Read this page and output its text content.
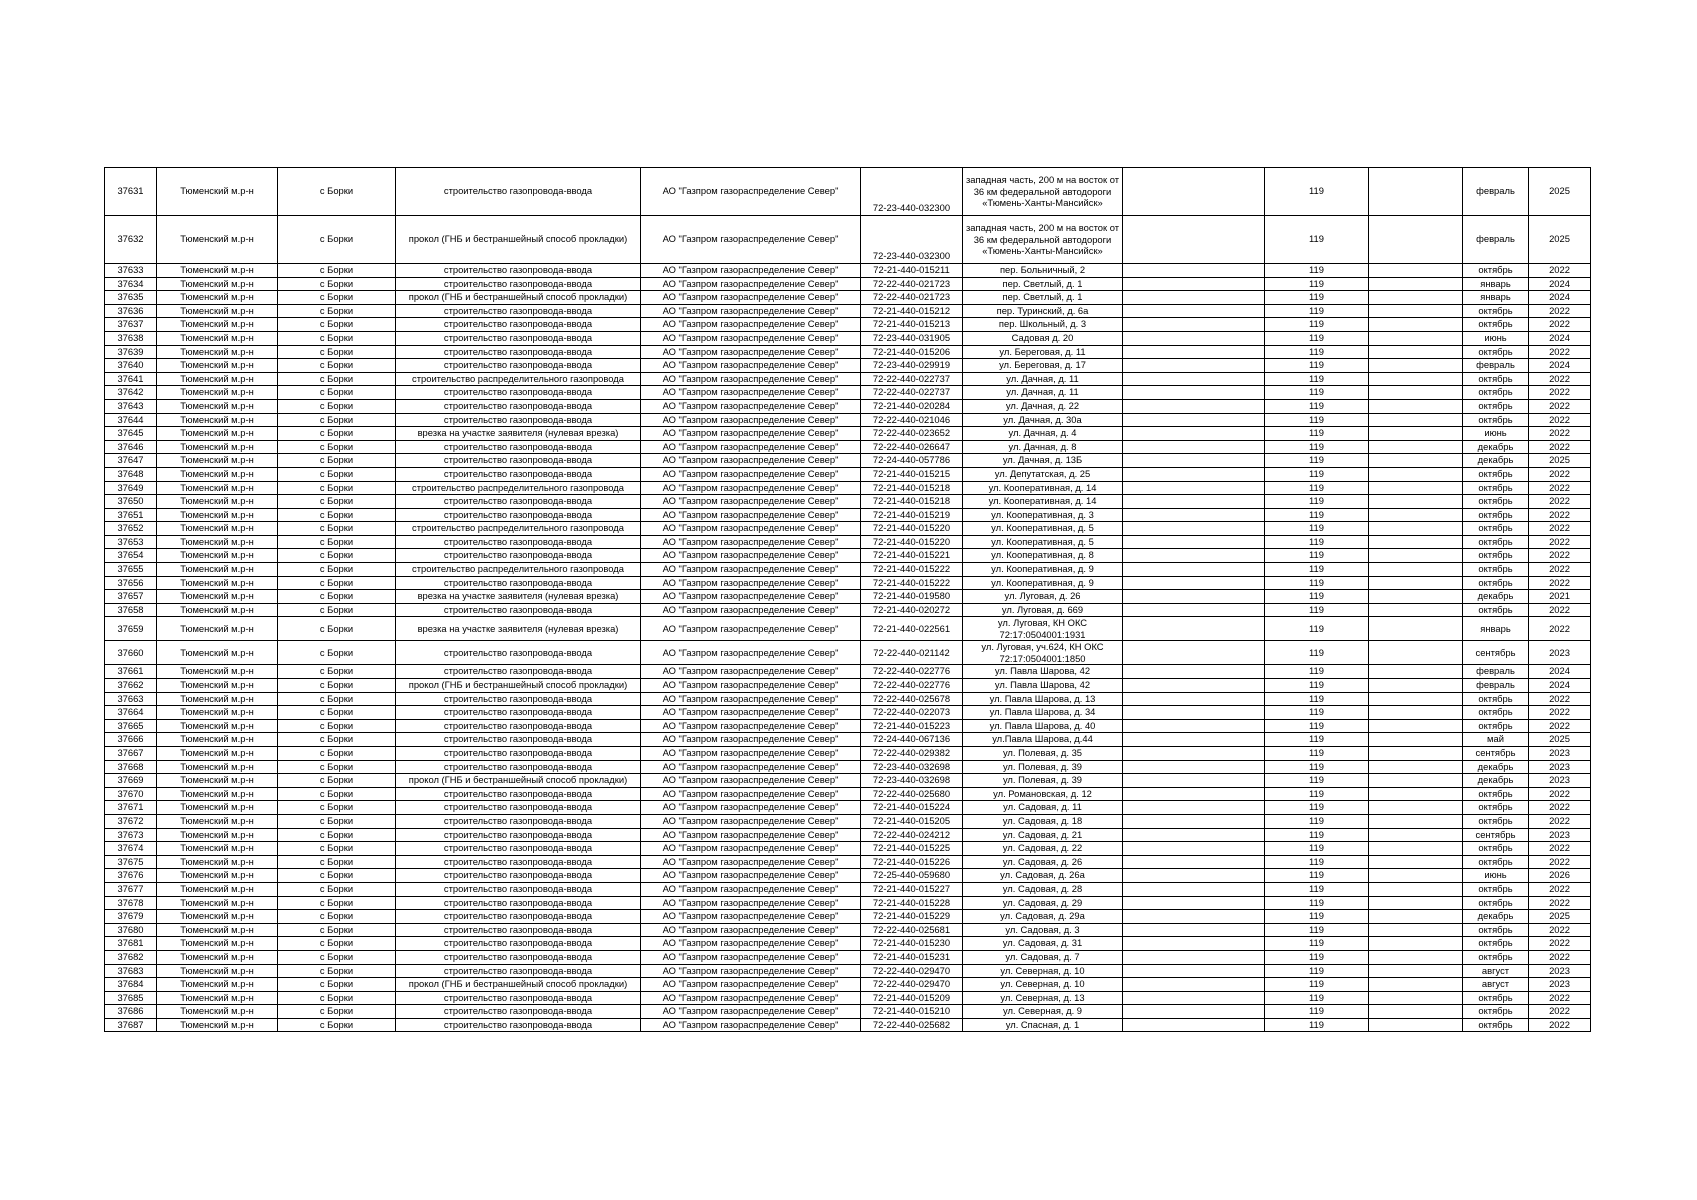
37631	Тюменский м.р-н	с Борки	строительство газопровода-ввода	АО "Газпром газораспределение Север"	72-23-440-032300	западная часть, 200 м на восток от 36 км федеральной автодороги «Тюмень-Ханты-Мансийск»		119		февраль	2025
37632	Тюменский м.р-н	с Борки	прокол (ГНБ и бестраншейный способ прокладки)	АО "Газпром газораспределение Север"	72-23-440-032300	западная часть, 200 м на восток от 36 км федеральной автодороги «Тюмень-Ханты-Мансийск»		119		февраль	2025
37633	Тюменский м.р-н	с Борки	строительство газопровода-ввода	АО "Газпром газораспределение Север"	72-21-440-015211	пер. Больничный, 2		119		октябрь	2022
37634	Тюменский м.р-н	с Борки	строительство газопровода-ввода	АО "Газпром газораспределение Север"	72-22-440-021723	пер. Светлый, д. 1		119		январь	2024
37635	Тюменский м.р-н	с Борки	прокол (ГНБ и бестраншейный способ прокладки)	АО "Газпром газораспределение Север"	72-22-440-021723	пер. Светлый, д. 1		119		январь	2024
37636	Тюменский м.р-н	с Борки	строительство газопровода-ввода	АО "Газпром газораспределение Север"	72-21-440-015212	пер. Туринский, д. 6а		119		октябрь	2022
37637	Тюменский м.р-н	с Борки	строительство газопровода-ввода	АО "Газпром газораспределение Север"	72-21-440-015213	пер. Школьный, д. 3		119		октябрь	2022
37638	Тюменский м.р-н	с Борки	строительство газопровода-ввода	АО "Газпром газораспределение Север"	72-23-440-031905	Садовая д. 20		119		июнь	2024
37639	Тюменский м.р-н	с Борки	строительство газопровода-ввода	АО "Газпром газораспределение Север"	72-21-440-015206	ул. Береговая, д. 11		119		октябрь	2022
37640	Тюменский м.р-н	с Борки	строительство газопровода-ввода	АО "Газпром газораспределение Север"	72-23-440-029919	ул. Береговая, д. 17		119		февраль	2024
37641	Тюменский м.р-н	с Борки	строительство распределительного газопровода	АО "Газпром газораспределение Север"	72-22-440-022737	ул. Дачная, д. 11		119		октябрь	2022
37642	Тюменский м.р-н	с Борки	строительство газопровода-ввода	АО "Газпром газораспределение Север"	72-22-440-022737	ул. Дачная, д. 11		119		октябрь	2022
37643	Тюменский м.р-н	с Борки	строительство газопровода-ввода	АО "Газпром газораспределение Север"	72-21-440-020284	ул. Дачная, д. 22		119		октябрь	2022
37644	Тюменский м.р-н	с Борки	строительство газопровода-ввода	АО "Газпром газораспределение Север"	72-22-440-021046	ул. Дачная, д. 30а		119		октябрь	2022
37645	Тюменский м.р-н	с Борки	врезка на участке заявителя (нулевая врезка)	АО "Газпром газораспределение Север"	72-22-440-023652	ул. Дачная, д. 4		119		июнь	2022
37646	Тюменский м.р-н	с Борки	строительство газопровода-ввода	АО "Газпром газораспределение Север"	72-22-440-026647	ул. Дачная, д. 8		119		декабрь	2022
37647	Тюменский м.р-н	с Борки	строительство газопровода-ввода	АО "Газпром газораспределение Север"	72-24-440-057786	ул. Дачная, д. 13Б		119		декабрь	2025
37648	Тюменский м.р-н	с Борки	строительство газопровода-ввода	АО "Газпром газораспределение Север"	72-21-440-015215	ул. Депутатская, д. 25		119		октябрь	2022
37649	Тюменский м.р-н	с Борки	строительство распределительного газопровода	АО "Газпром газораспределение Север"	72-21-440-015218	ул. Кооперативная, д. 14		119		октябрь	2022
37650	Тюменский м.р-н	с Борки	строительство газопровода-ввода	АО "Газпром газораспределение Север"	72-21-440-015218	ул. Кооперативная, д. 14		119		октябрь	2022
37651	Тюменский м.р-н	с Борки	строительство газопровода-ввода	АО "Газпром газораспределение Север"	72-21-440-015219	ул. Кооперативная, д. 3		119		октябрь	2022
37652	Тюменский м.р-н	с Борки	строительство распределительного газопровода	АО "Газпром газораспределение Север"	72-21-440-015220	ул. Кооперативная, д. 5		119		октябрь	2022
37653	Тюменский м.р-н	с Борки	строительство газопровода-ввода	АО "Газпром газораспределение Север"	72-21-440-015220	ул. Кооперативная, д. 5		119		октябрь	2022
37654	Тюменский м.р-н	с Борки	строительство газопровода-ввода	АО "Газпром газораспределение Север"	72-21-440-015221	ул. Кооперативная, д. 8		119		октябрь	2022
37655	Тюменский м.р-н	с Борки	строительство распределительного газопровода	АО "Газпром газораспределение Север"	72-21-440-015222	ул. Кооперативная, д. 9		119		октябрь	2022
37656	Тюменский м.р-н	с Борки	строительство газопровода-ввода	АО "Газпром газораспределение Север"	72-21-440-015222	ул. Кооперативная, д. 9		119		октябрь	2022
37657	Тюменский м.р-н	с Борки	врезка на участке заявителя (нулевая врезка)	АО "Газпром газораспределение Север"	72-21-440-019580	ул. Луговая, д. 26		119		декабрь	2021
37658	Тюменский м.р-н	с Борки	строительство газопровода-ввода	АО "Газпром газораспределение Север"	72-21-440-020272	ул. Луговая, д. 669		119		октябрь	2022
37659	Тюменский м.р-н	с Борки	врезка на участке заявителя (нулевая врезка)	АО "Газпром газораспределение Север"	72-21-440-022561	ул. Луговая, КН ОКС 72:17:0504001:1931		119		январь	2022
37660	Тюменский м.р-н	с Борки	строительство газопровода-ввода	АО "Газпром газораспределение Север"	72-22-440-021142	ул. Луговая, уч.624, КН ОКС 72:17:0504001:1850		119		сентябрь	2023
37661	Тюменский м.р-н	с Борки	строительство газопровода-ввода	АО "Газпром газораспределение Север"	72-22-440-022776	ул. Павла Шарова, 42		119		февраль	2024
37662	Тюменский м.р-н	с Борки	прокол (ГНБ и бестраншейный способ прокладки)	АО "Газпром газораспределение Север"	72-22-440-022776	ул. Павла Шарова, 42		119		февраль	2024
37663	Тюменский м.р-н	с Борки	строительство газопровода-ввода	АО "Газпром газораспределение Север"	72-22-440-025678	ул. Павла Шарова, д. 13		119		октябрь	2022
37664	Тюменский м.р-н	с Борки	строительство газопровода-ввода	АО "Газпром газораспределение Север"	72-22-440-022073	ул. Павла Шарова, д. 34		119		октябрь	2022
37665	Тюменский м.р-н	с Борки	строительство газопровода-ввода	АО "Газпром газораспределение Север"	72-21-440-015223	ул. Павла Шарова, д. 40		119		октябрь	2022
37666	Тюменский м.р-н	с Борки	строительство газопровода-ввода	АО "Газпром газораспределение Север"	72-24-440-067136	ул.Павла Шарова, д.44		119		май	2025
37667	Тюменский м.р-н	с Борки	строительство газопровода-ввода	АО "Газпром газораспределение Север"	72-22-440-029382	ул. Полевая, д. 35		119		сентябрь	2023
37668	Тюменский м.р-н	с Борки	строительство газопровода-ввода	АО "Газпром газораспределение Север"	72-23-440-032698	ул. Полевая, д. 39		119		декабрь	2023
37669	Тюменский м.р-н	с Борки	прокол (ГНБ и бестраншейный способ прокладки)	АО "Газпром газораспределение Север"	72-23-440-032698	ул. Полевая, д. 39		119		декабрь	2023
37670	Тюменский м.р-н	с Борки	строительство газопровода-ввода	АО "Газпром газораспределение Север"	72-22-440-025680	ул. Романовская, д. 12		119		октябрь	2022
37671	Тюменский м.р-н	с Борки	строительство газопровода-ввода	АО "Газпром газораспределение Север"	72-21-440-015224	ул. Садовая, д. 11		119		октябрь	2022
37672	Тюменский м.р-н	с Борки	строительство газопровода-ввода	АО "Газпром газораспределение Север"	72-21-440-015205	ул. Садовая, д. 18		119		октябрь	2022
37673	Тюменский м.р-н	с Борки	строительство газопровода-ввода	АО "Газпром газораспределение Север"	72-22-440-024212	ул. Садовая, д. 21		119		сентябрь	2023
37674	Тюменский м.р-н	с Борки	строительство газопровода-ввода	АО "Газпром газораспределение Север"	72-21-440-015225	ул. Садовая, д. 22		119		октябрь	2022
37675	Тюменский м.р-н	с Борки	строительство газопровода-ввода	АО "Газпром газораспределение Север"	72-21-440-015226	ул. Садовая, д. 26		119		октябрь	2022
37676	Тюменский м.р-н	с Борки	строительство газопровода-ввода	АО "Газпром газораспределение Север"	72-25-440-059680	ул. Садовая, д. 26а		119		июнь	2026
37677	Тюменский м.р-н	с Борки	строительство газопровода-ввода	АО "Газпром газораспределение Север"	72-21-440-015227	ул. Садовая, д. 28		119		октябрь	2022
37678	Тюменский м.р-н	с Борки	строительство газопровода-ввода	АО "Газпром газораспределение Север"	72-21-440-015228	ул. Садовая, д. 29		119		октябрь	2022
37679	Тюменский м.р-н	с Борки	строительство газопровода-ввода	АО "Газпром газораспределение Север"	72-21-440-015229	ул. Садовая, д. 29а		119		декабрь	2025
37680	Тюменский м.р-н	с Борки	строительство газопровода-ввода	АО "Газпром газораспределение Север"	72-22-440-025681	ул. Садовая, д. 3		119		октябрь	2022
37681	Тюменский м.р-н	с Борки	строительство газопровода-ввода	АО "Газпром газораспределение Север"	72-21-440-015230	ул. Садовая, д. 31		119		октябрь	2022
37682	Тюменский м.р-н	с Борки	строительство газопровода-ввода	АО "Газпром газораспределение Север"	72-21-440-015231	ул. Садовая, д. 7		119		октябрь	2022
37683	Тюменский м.р-н	с Борки	строительство газопровода-ввода	АО "Газпром газораспределение Север"	72-22-440-029470	ул. Северная, д. 10		119		август	2023
37684	Тюменский м.р-н	с Борки	прокол (ГНБ и бестраншейный способ прокладки)	АО "Газпром газораспределение Север"	72-22-440-029470	ул. Северная, д. 10		119		август	2023
37685	Тюменский м.р-н	с Борки	строительство газопровода-ввода	АО "Газпром газораспределение Север"	72-21-440-015209	ул. Северная, д. 13		119		октябрь	2022
37686	Тюменский м.р-н	с Борки	строительство газопровода-ввода	АО "Газпром газораспределение Север"	72-21-440-015210	ул. Северная, д. 9		119		октябрь	2022
37687	Тюменский м.р-н	с Борки	строительство газопровода-ввода	АО "Газпром газораспределение Север"	72-22-440-025682	ул. Спасная, д. 1		119		октябрь	2022
